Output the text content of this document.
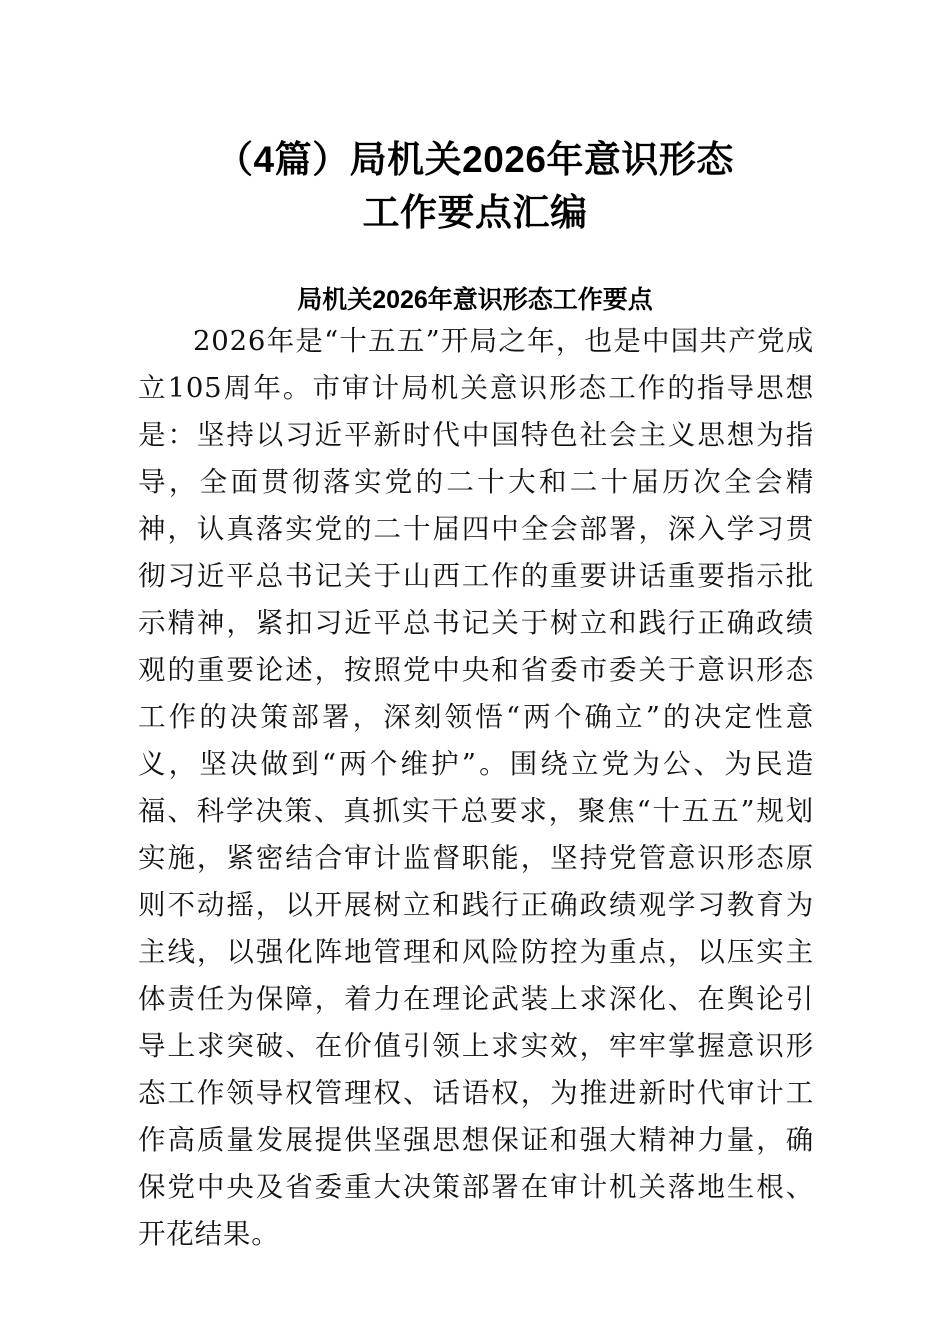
（4篇）局机关2026年意识形态
工作要点汇编
局机关2026年意识形态工作要点

2026年是“十五五”开局之年，也是中国共产党成立105周年。市审计局机关意识形态工作的指导思想是：坚持以习近平新时代中国特色社会主义思想为指导，全面贯彻落实党的二十大和二十届历次全会精神，认真落实党的二十届四中全会部署，深入学习贯彻习近平总书记关于山西工作的重要讲话重要指示批示精神，紧扣习近平总书记关于树立和践行正确政绩观的重要论述，按照党中央和省委市委关于意识形态工作的决策部署，深刻领悟“两个确立”的决定性意义，坚决做到“两个维护”。围绕立党为公、为民造福、科学决策、真抓实干总要求，聚焦“十五五”规划实施，紧密结合审计监督职能，坚持党管意识形态原则不动摇，以开展树立和践行正确政绩观学习教育为主线，以强化阵地管理和风险防控为重点，以压实主体责任为保障，着力在理论武装上求深化、在舆论引导上求突破、在价值引领上求实效，牢牢掌握意识形态工作领导权管理权、话语权，为推进新时代审计工作高质量发展提供坚强思想保证和强大精神力量，确保党中央及省委重大决策部署在审计机关落地生根、开花结果。
